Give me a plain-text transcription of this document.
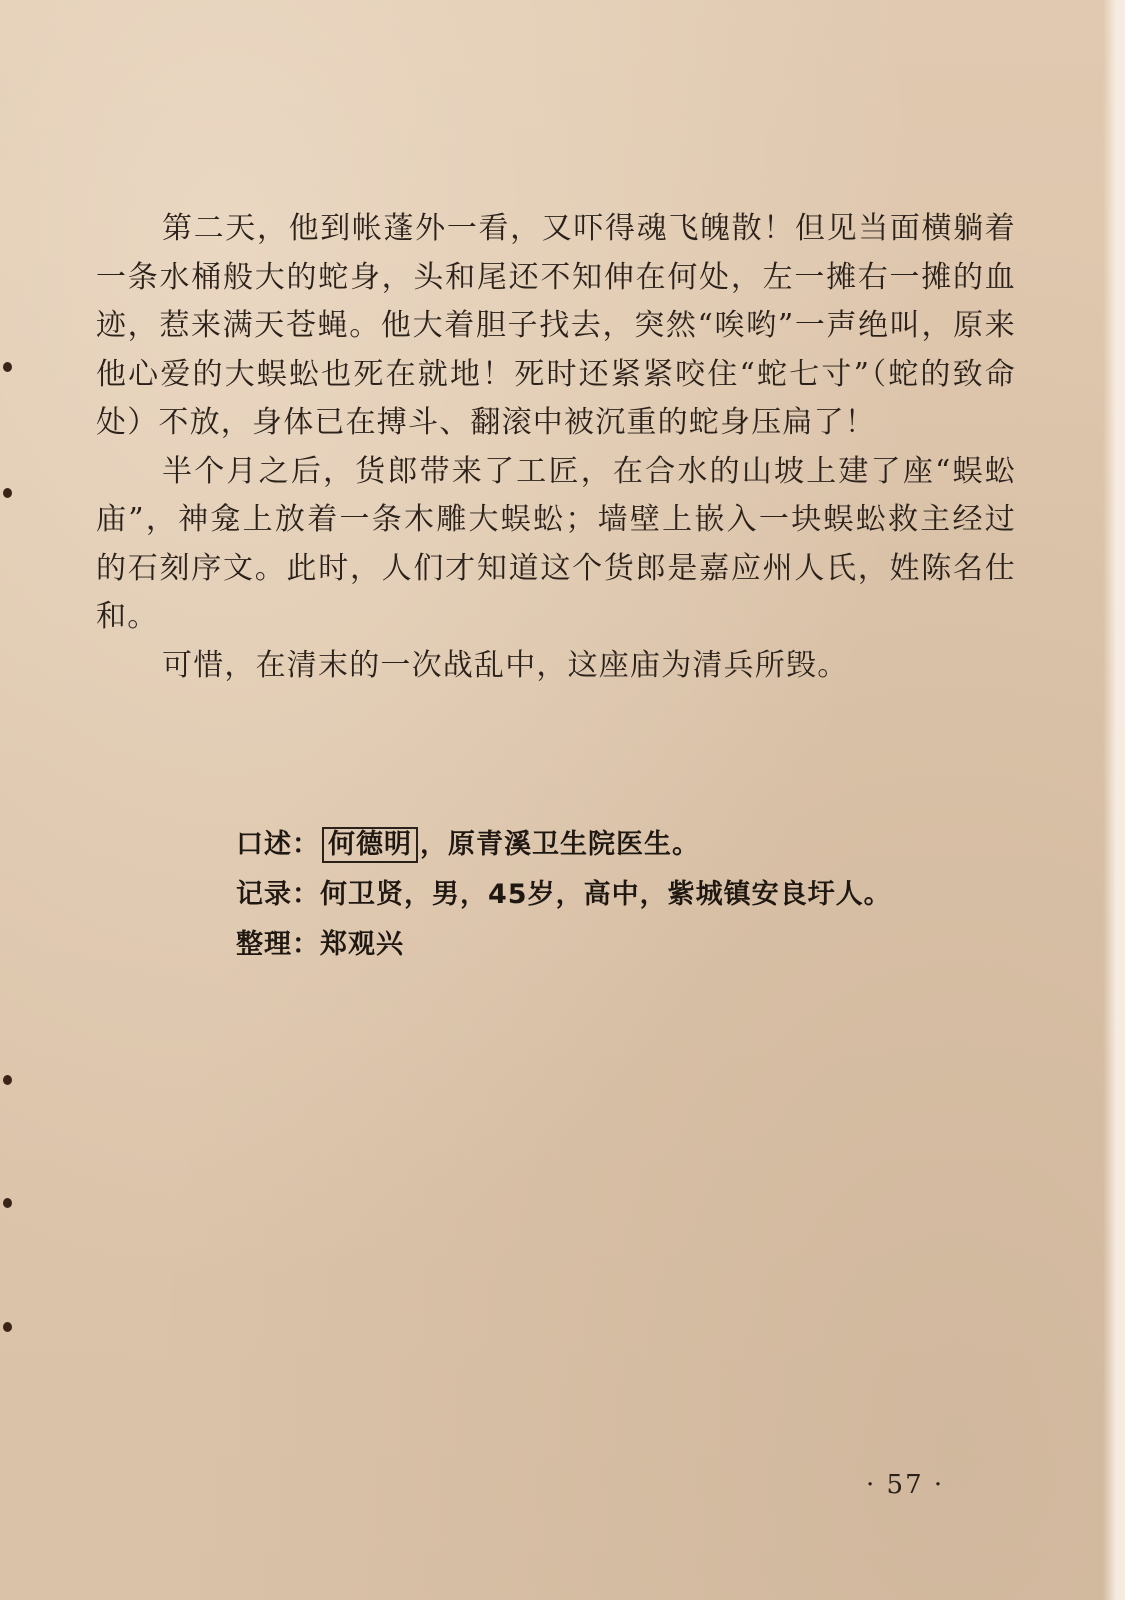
第二天，他到帐蓬外一看，又吓得魂飞魄散！但见当面横躺着一条水桶般大的蛇身，头和尾还不知伸在何处，左一摊右一摊的血迹，惹来满天苍蝇。他大着胆子找去，突然“唉哟”一声绝叫，原来他心爱的大蜈蚣也死在就地！死时还紧紧咬住“蛇七寸”（蛇的致命处）不放，身体已在搏斗、翻滚中被沉重的蛇身压扁了！

半个月之后，货郎带来了工匠，在合水的山坡上建了座“蜈蚣庙”，神龛上放着一条木雕大蜈蚣；墙壁上嵌入一块蜈蚣救主经过的石刻序文。此时，人们才知道这个货郎是嘉应州人氏，姓陈名仕和。

可惜，在清末的一次战乱中，这座庙为清兵所毁。

口述： 何德明 ，原青溪卫生院医生。
记录：何卫贤，男，45岁，高中，紫城镇安良圩人。
整理：郑观兴
· 57 ·
